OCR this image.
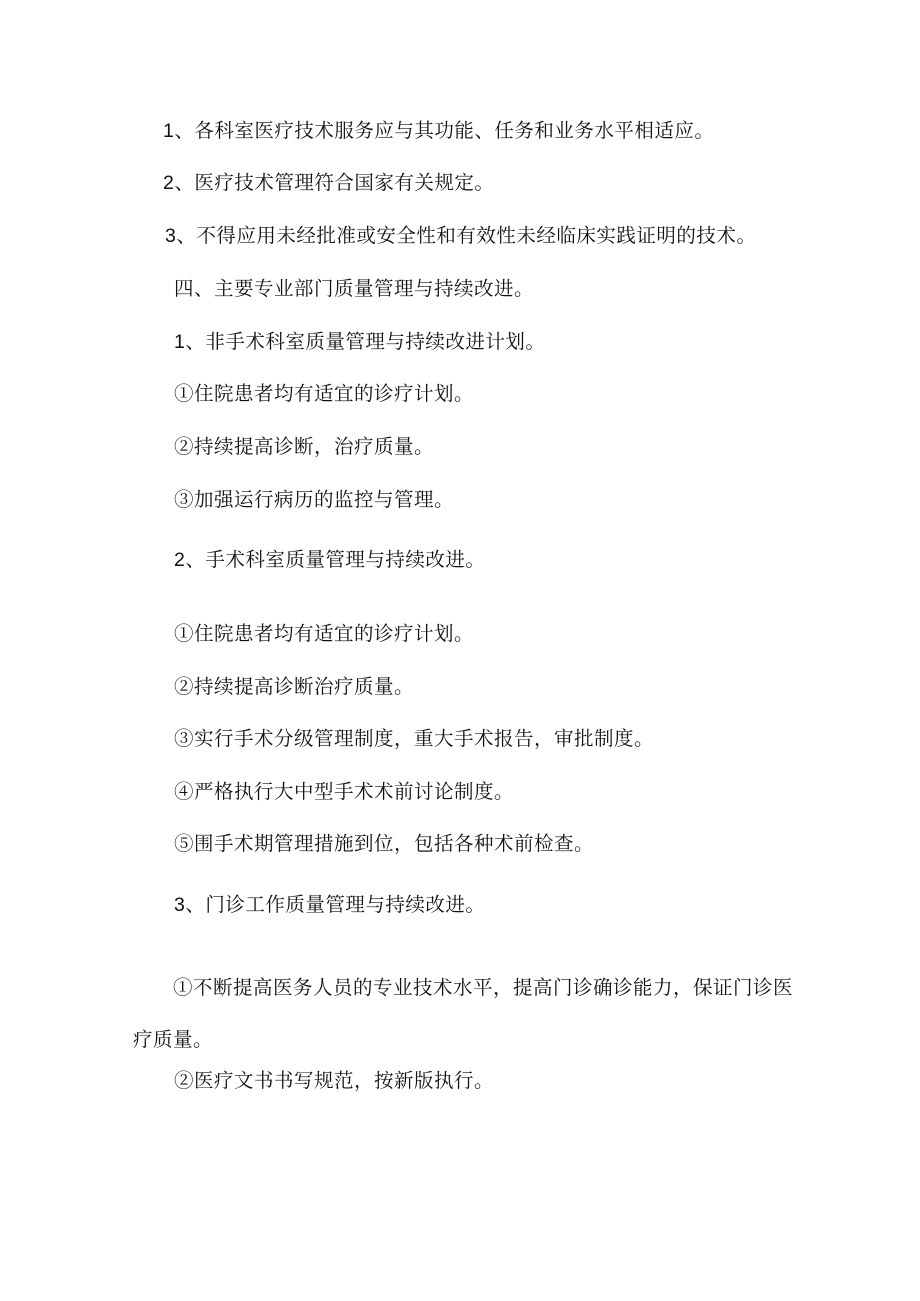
1、各科室医疗技术服务应与其功能、任务和业务水平相适应。
2、医疗技术管理符合国家有关规定。
3、不得应用未经批准或安全性和有效性未经临床实践证明的技术。
四、主要专业部门质量管理与持续改进。
1、非手术科室质量管理与持续改进计划。
①住院患者均有适宜的诊疗计划。
②持续提高诊断，治疗质量。
③加强运行病历的监控与管理。
2、手术科室质量管理与持续改进。
①住院患者均有适宜的诊疗计划。
②持续提高诊断治疗质量。
③实行手术分级管理制度，重大手术报告，审批制度。
④严格执行大中型手术术前讨论制度。
⑤围手术期管理措施到位，包括各种术前检查。
3、门诊工作质量管理与持续改进。
①不断提高医务人员的专业技术水平，提高门诊确诊能力，保证门诊医疗质量。
②医疗文书书写规范，按新版执行。
